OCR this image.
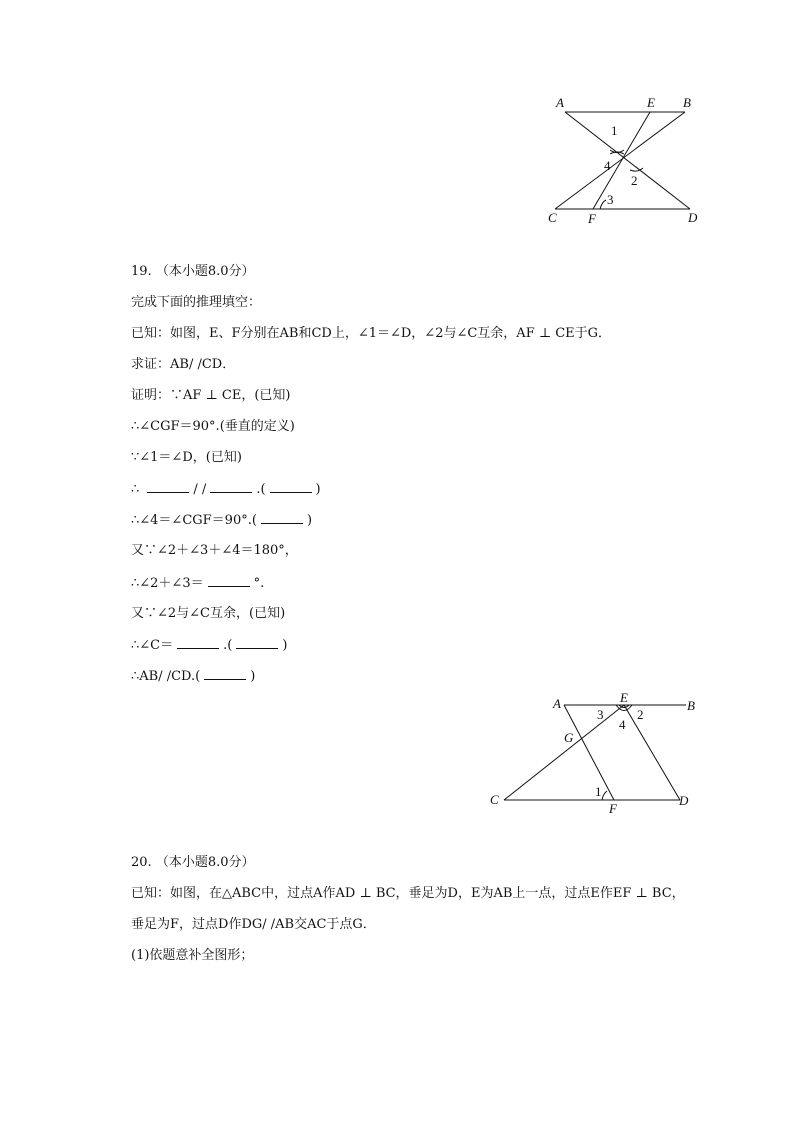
A	E B
C F	D
1
2
3
4
19. （本小题8.0分）
完成下面的推理填空：
已知：如图，E、F分别在AB和CD上，∠1＝∠D，∠2与∠C互余，AF ⊥ CE于G．
求证：AB/ /CD．
证明：∵AF ⊥ CE，(已知)
∴∠CGF＝90°.(垂直的定义)
∵∠1＝∠D，(已知)
∴	/ /	.(	)
∴∠4＝∠CGF＝90°.(	)
又∵∠2＋∠3＋∠4＝180°，
∴∠2＋∠3＝	°.
又∵∠2与∠C互余，(已知)
∴∠C＝	.(	)
∴AB/ /CD.(	)
A	E
B
G
C
F
D
1
2
3
4
20. （本小题8.0分）
已知：如图，在△ABC中，过点A作AD ⊥ BC，垂足为D，E为AB上一点，过点E作EF ⊥ BC，
垂足为F，过点D作DG/ /AB交AC于点G．
(1)依题意补全图形；
